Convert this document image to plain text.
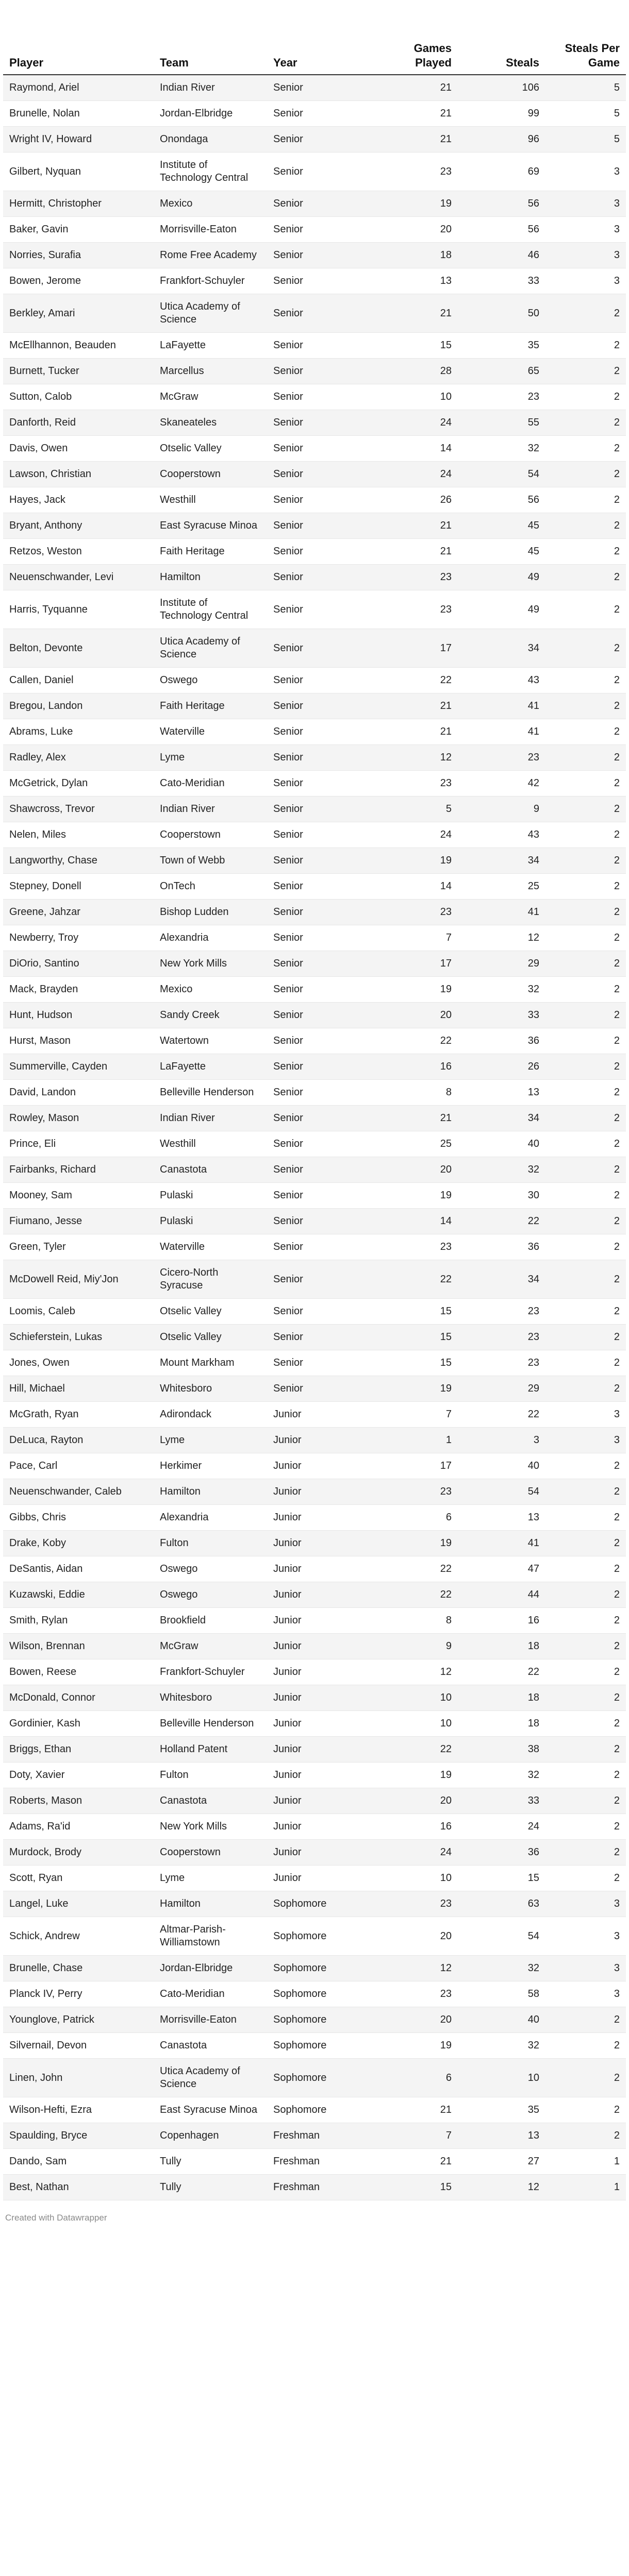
Player	Team	Year	Games Played	Steals	Steals Per Game
Raymond, Ariel	Indian River	Senior	21	106	5
Brunelle, Nolan	Jordan-Elbridge	Senior	21	99	5
Wright IV, Howard	Onondaga	Senior	21	96	5
Gilbert, Nyquan	Institute of Technology Central	Senior	23	69	3
Hermitt, Christopher	Mexico	Senior	19	56	3
Baker, Gavin	Morrisville-Eaton	Senior	20	56	3
Norries, Surafia	Rome Free Academy	Senior	18	46	3
Bowen, Jerome	Frankfort-Schuyler	Senior	13	33	3
Berkley, Amari	Utica Academy of Science	Senior	21	50	2
McEllhannon, Beauden	LaFayette	Senior	15	35	2
Burnett, Tucker	Marcellus	Senior	28	65	2
Sutton, Calob	McGraw	Senior	10	23	2
Danforth, Reid	Skaneateles	Senior	24	55	2
Davis, Owen	Otselic Valley	Senior	14	32	2
Lawson, Christian	Cooperstown	Senior	24	54	2
Hayes, Jack	Westhill	Senior	26	56	2
Bryant, Anthony	East Syracuse Minoa	Senior	21	45	2
Retzos, Weston	Faith Heritage	Senior	21	45	2
Neuenschwander, Levi	Hamilton	Senior	23	49	2
Harris, Tyquanne	Institute of Technology Central	Senior	23	49	2
Belton, Devonte	Utica Academy of Science	Senior	17	34	2
Callen, Daniel	Oswego	Senior	22	43	2
Bregou, Landon	Faith Heritage	Senior	21	41	2
Abrams, Luke	Waterville	Senior	21	41	2
Radley, Alex	Lyme	Senior	12	23	2
McGetrick, Dylan	Cato-Meridian	Senior	23	42	2
Shawcross, Trevor	Indian River	Senior	5	9	2
Nelen, Miles	Cooperstown	Senior	24	43	2
Langworthy, Chase	Town of Webb	Senior	19	34	2
Stepney, Donell	OnTech	Senior	14	25	2
Greene, Jahzar	Bishop Ludden	Senior	23	41	2
Newberry, Troy	Alexandria	Senior	7	12	2
DiOrio, Santino	New York Mills	Senior	17	29	2
Mack, Brayden	Mexico	Senior	19	32	2
Hunt, Hudson	Sandy Creek	Senior	20	33	2
Hurst, Mason	Watertown	Senior	22	36	2
Summerville, Cayden	LaFayette	Senior	16	26	2
David, Landon	Belleville Henderson	Senior	8	13	2
Rowley, Mason	Indian River	Senior	21	34	2
Prince, Eli	Westhill	Senior	25	40	2
Fairbanks, Richard	Canastota	Senior	20	32	2
Mooney, Sam	Pulaski	Senior	19	30	2
Fiumano, Jesse	Pulaski	Senior	14	22	2
Green, Tyler	Waterville	Senior	23	36	2
McDowell Reid, Miy'Jon	Cicero-North Syracuse	Senior	22	34	2
Loomis, Caleb	Otselic Valley	Senior	15	23	2
Schieferstein, Lukas	Otselic Valley	Senior	15	23	2
Jones, Owen	Mount Markham	Senior	15	23	2
Hill, Michael	Whitesboro	Senior	19	29	2
McGrath, Ryan	Adirondack	Junior	7	22	3
DeLuca, Rayton	Lyme	Junior	1	3	3
Pace, Carl	Herkimer	Junior	17	40	2
Neuenschwander, Caleb	Hamilton	Junior	23	54	2
Gibbs, Chris	Alexandria	Junior	6	13	2
Drake, Koby	Fulton	Junior	19	41	2
DeSantis, Aidan	Oswego	Junior	22	47	2
Kuzawski, Eddie	Oswego	Junior	22	44	2
Smith, Rylan	Brookfield	Junior	8	16	2
Wilson, Brennan	McGraw	Junior	9	18	2
Bowen, Reese	Frankfort-Schuyler	Junior	12	22	2
McDonald, Connor	Whitesboro	Junior	10	18	2
Gordinier, Kash	Belleville Henderson	Junior	10	18	2
Briggs, Ethan	Holland Patent	Junior	22	38	2
Doty, Xavier	Fulton	Junior	19	32	2
Roberts, Mason	Canastota	Junior	20	33	2
Adams, Ra'id	New York Mills	Junior	16	24	2
Murdock, Brody	Cooperstown	Junior	24	36	2
Scott, Ryan	Lyme	Junior	10	15	2
Langel, Luke	Hamilton	Sophomore	23	63	3
Schick, Andrew	Altmar-Parish-Williamstown	Sophomore	20	54	3
Brunelle, Chase	Jordan-Elbridge	Sophomore	12	32	3
Planck IV, Perry	Cato-Meridian	Sophomore	23	58	3
Younglove, Patrick	Morrisville-Eaton	Sophomore	20	40	2
Silvernail, Devon	Canastota	Sophomore	19	32	2
Linen, John	Utica Academy of Science	Sophomore	6	10	2
Wilson-Hefti, Ezra	East Syracuse Minoa	Sophomore	21	35	2
Spaulding, Bryce	Copenhagen	Freshman	7	13	2
Dando, Sam	Tully	Freshman	21	27	1
Best, Nathan	Tully	Freshman	15	12	1
Created with Datawrapper
